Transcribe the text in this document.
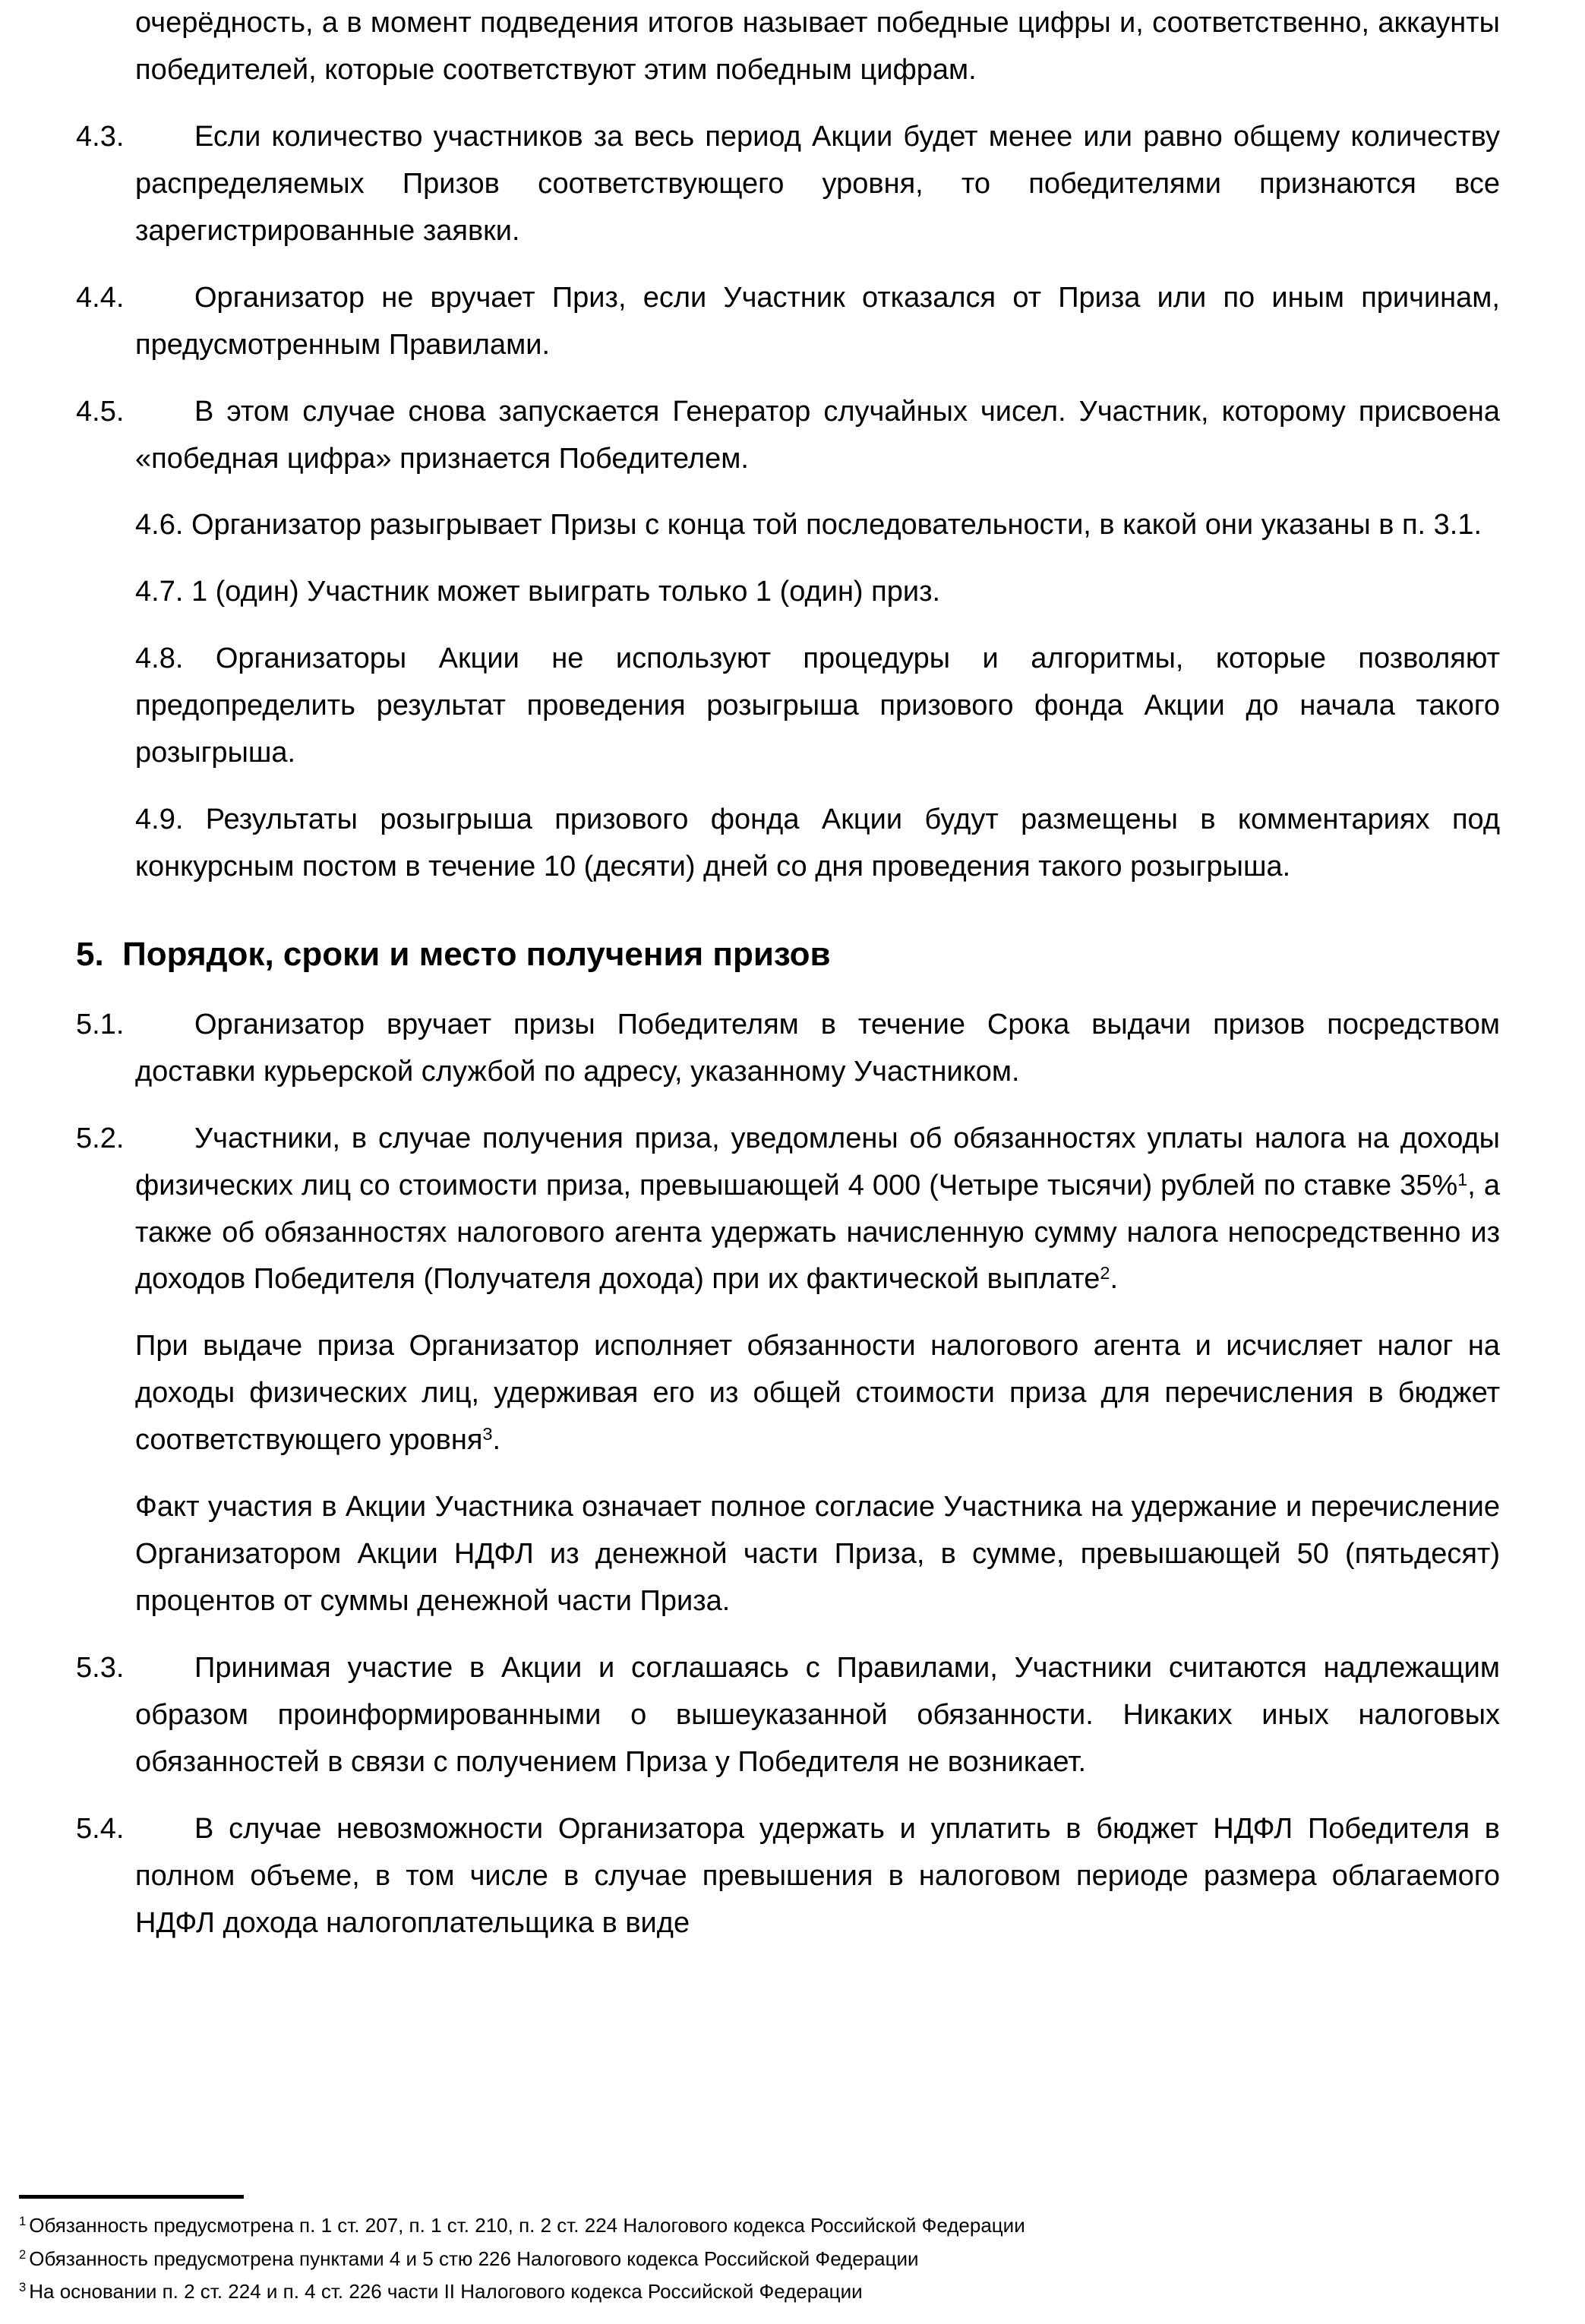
очерёдность, а в момент подведения итогов называет победные цифры и, соответственно, аккаунты победителей, которые соответствуют этим победным цифрам.

4.3.	Если количество участников за весь период Акции будет менее или равно общему количеству распределяемых Призов соответствующего уровня, то победителями признаются все зарегистрированные заявки.
4.4.	Организатор не вручает Приз, если Участник отказался от Приза или по иным причинам, предусмотренным Правилами.
4.5.	В этом случае снова запускается Генератор случайных чисел. Участник, которому присвоена «победная цифра» признается Победителем.

4.6. Организатор разыгрывает Призы с конца той последовательности, в какой они указаны в п. 3.1.

4.7. 1 (один) Участник может выиграть только 1 (один) приз.

4.8. Организаторы Акции не используют процедуры и алгоритмы, которые позволяют предопределить результат проведения розыгрыша призового фонда Акции до начала такого розыгрыша.

4.9. Результаты розыгрыша призового фонда Акции будут размещены в комментариях под конкурсным постом в течение 10 (десяти) дней со дня проведения такого розыгрыша.

5.  Порядок, сроки и место получения призов
5.1.	Организатор вручает призы Победителям в течение Срока выдачи призов посредством доставки курьерской службой по адресу, указанному Участником.
5.2.	Участники, в случае получения приза, уведомлены об обязанностях уплаты налога на доходы физических лиц со стоимости приза, превышающей 4 000 (Четыре тысячи) рублей по ставке 35%$^1$, а также об обязанностях налогового агента удержать начисленную сумму налога непосредственно из доходов Победителя (Получателя дохода) при их фактической выплате$^2$.

При выдаче приза Организатор исполняет обязанности налогового агента и исчисляет налог на доходы физических лиц, удерживая его из общей стоимости приза для перечисления в бюджет соответствующего уровня$^3$.

Факт участия в Акции Участника означает полное согласие Участника на удержание и перечисление Организатором Акции НДФЛ из денежной части Приза, в сумме, превышающей 50 (пятьдесят) процентов от суммы денежной части Приза.

5.3.	Принимая участие в Акции и соглашаясь с Правилами, Участники считаются надлежащим образом проинформированными о вышеуказанной обязанности. Никаких иных налоговых обязанностей в связи с получением Приза у Победителя не возникает.
5.4.	В случае невозможности Организатора удержать и уплатить в бюджет НДФЛ Победителя в полном объеме, в том числе в случае превышения в налоговом периоде размера облагаемого НДФЛ дохода налогоплательщика в виде

$^1$ Обязанность предусмотрена п. 1 ст. 207, п. 1 ст. 210, п. 2 ст. 224 Налогового кодекса Российской Федерации

$^2$ Обязанность предусмотрена пунктами 4 и 5 стю 226 Налогового кодекса Российской Федерации

$^3$ На основании п. 2 ст. 224 и п. 4 ст. 226 части II Налогового кодекса Российской Федерации
